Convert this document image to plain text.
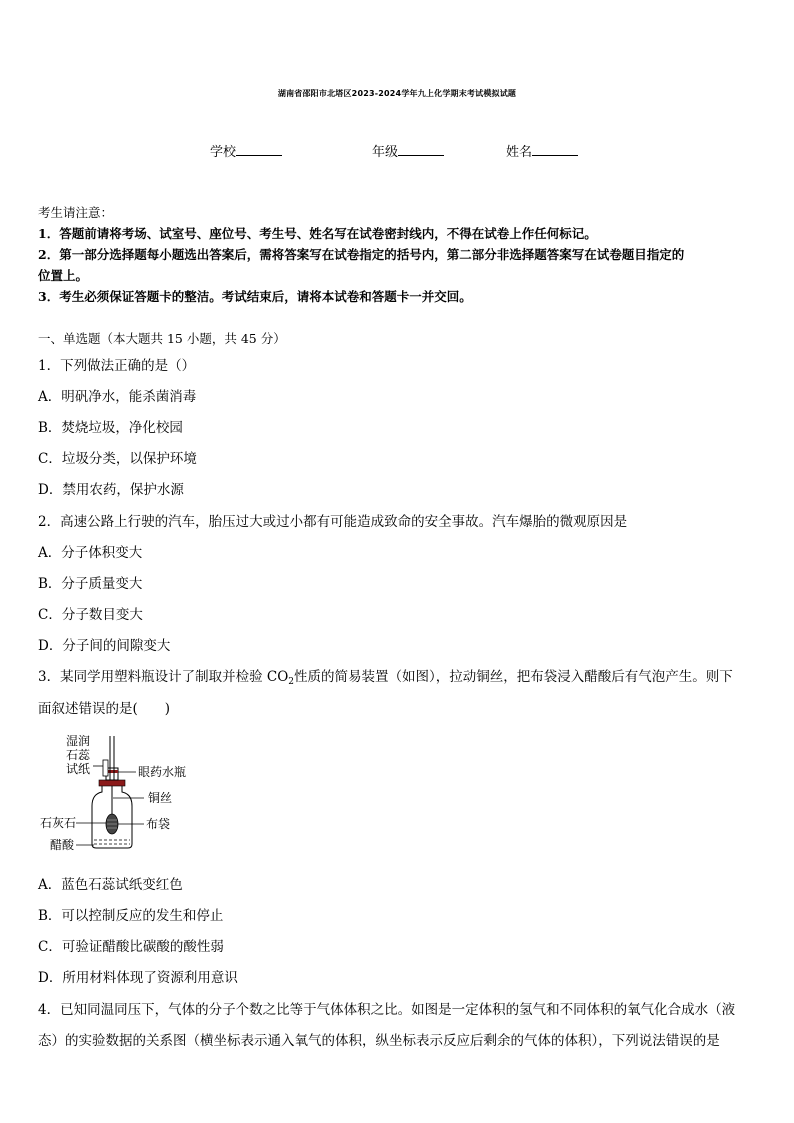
湖南省邵阳市北塔区2023-2024学年九上化学期末考试模拟试题
学校	年级	姓名
考生请注意：
1．答题前请将考场、试室号、座位号、考生号、姓名写在试卷密封线内，不得在试卷上作任何标记。
2．第一部分选择题每小题选出答案后，需将答案写在试卷指定的括号内，第二部分非选择题答案写在试卷题目指定的
位置上。
3．考生必须保证答题卡的整洁。考试结束后，请将本试卷和答题卡一并交回。
一、单选题（本大题共 15 小题，共 45 分）
1．下列做法正确的是（）
A．明矾净水，能杀菌消毒
B．焚烧垃圾，净化校园
C．垃圾分类，以保护环境
D．禁用农药，保护水源
2．高速公路上行驶的汽车，胎压过大或过小都有可能造成致命的安全事故。汽车爆胎的微观原因是
A．分子体积变大
B．分子质量变大
C．分子数目变大
D．分子间的间隙变大
3．某同学用塑料瓶设计了制取并检验 $CO_2$性质的简易装置（如图），拉动铜丝，把布袋浸入醋酸后有气泡产生。则下
面叙述错误的是(　　)
湿润
石蕊
试纸	眼药水瓶
铜丝
石灰石	布袋
醋酸
A．蓝色石蕊试纸变红色
B．可以控制反应的发生和停止
C．可验证醋酸比碳酸的酸性弱
D．所用材料体现了资源利用意识
4．已知同温同压下，气体的分子个数之比等于气体体积之比。如图是一定体积的氢气和不同体积的氧气化合成水（液
态）的实验数据的关系图（横坐标表示通入氧气的体积，纵坐标表示反应后剩余的气体的体积），下列说法错误的是
